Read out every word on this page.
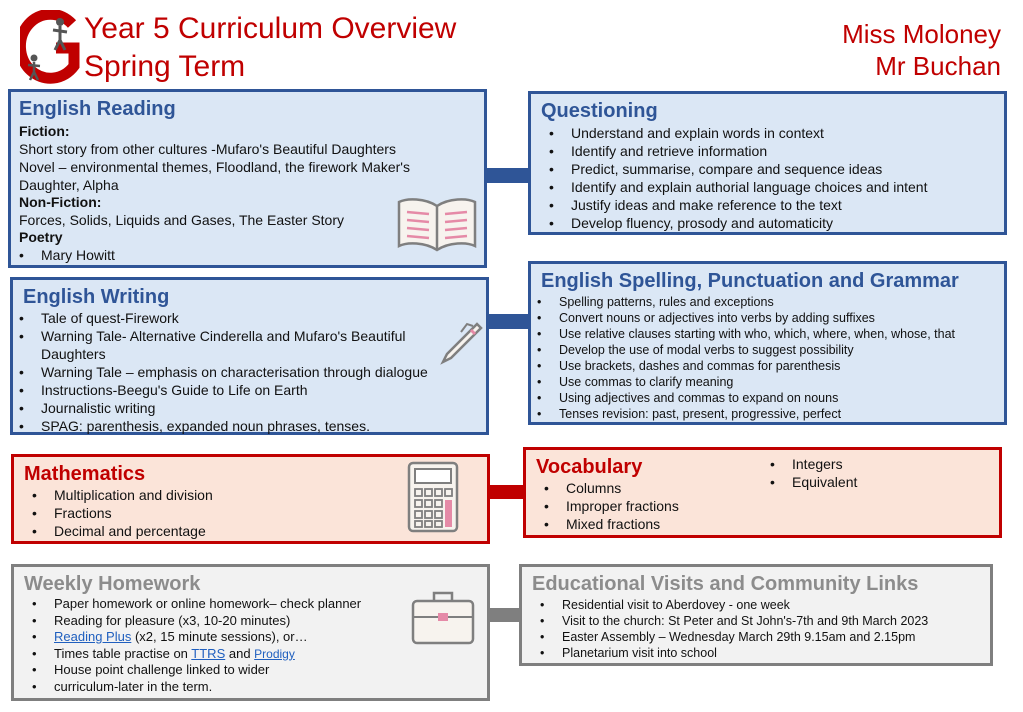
Year 5 Curriculum Overview
Spring Term
Miss Moloney
Mr Buchan
English Reading
Fiction:
Short story from other cultures -Mufaro's Beautiful Daughters
Novel – environmental themes, Floodland, the firework Maker's
Daughter, Alpha
Non-Fiction:
Forces, Solids, Liquids and Gases, The Easter Story
Poetry
• Mary Howitt
Questioning
• Understand and explain words in context
• Identify and retrieve information
• Predict, summarise, compare and sequence ideas
• Identify and explain authorial language choices and intent
• Justify ideas and make reference to the text
• Develop fluency, prosody and automaticity
English Writing
• Tale of quest-Firework
• Warning Tale- Alternative Cinderella and Mufaro's Beautiful Daughters
• Warning Tale – emphasis on characterisation through dialogue
• Instructions-Beegu's Guide to Life on Earth
• Journalistic writing
• SPAG: parenthesis, expanded noun phrases, tenses.
English Spelling, Punctuation and Grammar
• Spelling patterns, rules and exceptions
• Convert nouns or adjectives into verbs by adding suffixes
• Use relative clauses starting with who, which, where, when, whose, that
• Develop the use of modal verbs to suggest possibility
• Use brackets, dashes and commas for parenthesis
• Use commas to clarify meaning
• Using adjectives and commas to expand on nouns
• Tenses revision: past, present, progressive, perfect
Mathematics
• Multiplication and division
• Fractions
• Decimal and percentage
Vocabulary
• Columns
• Improper fractions
• Mixed fractions
• Integers
• Equivalent
Weekly Homework
• Paper homework or online homework– check planner
• Reading for pleasure (x3, 10-20 minutes)
• Reading Plus (x2, 15 minute sessions), or…
• Times table practise on TTRS and Prodigy
• House point challenge linked to wider
• curriculum-later in the term.
Educational Visits and Community Links
• Residential visit to Aberdovey - one week
• Visit to the church: St Peter and St John's-7th and 9th March 2023
• Easter Assembly – Wednesday March 29th 9.15am and 2.15pm
• Planetarium visit into school
